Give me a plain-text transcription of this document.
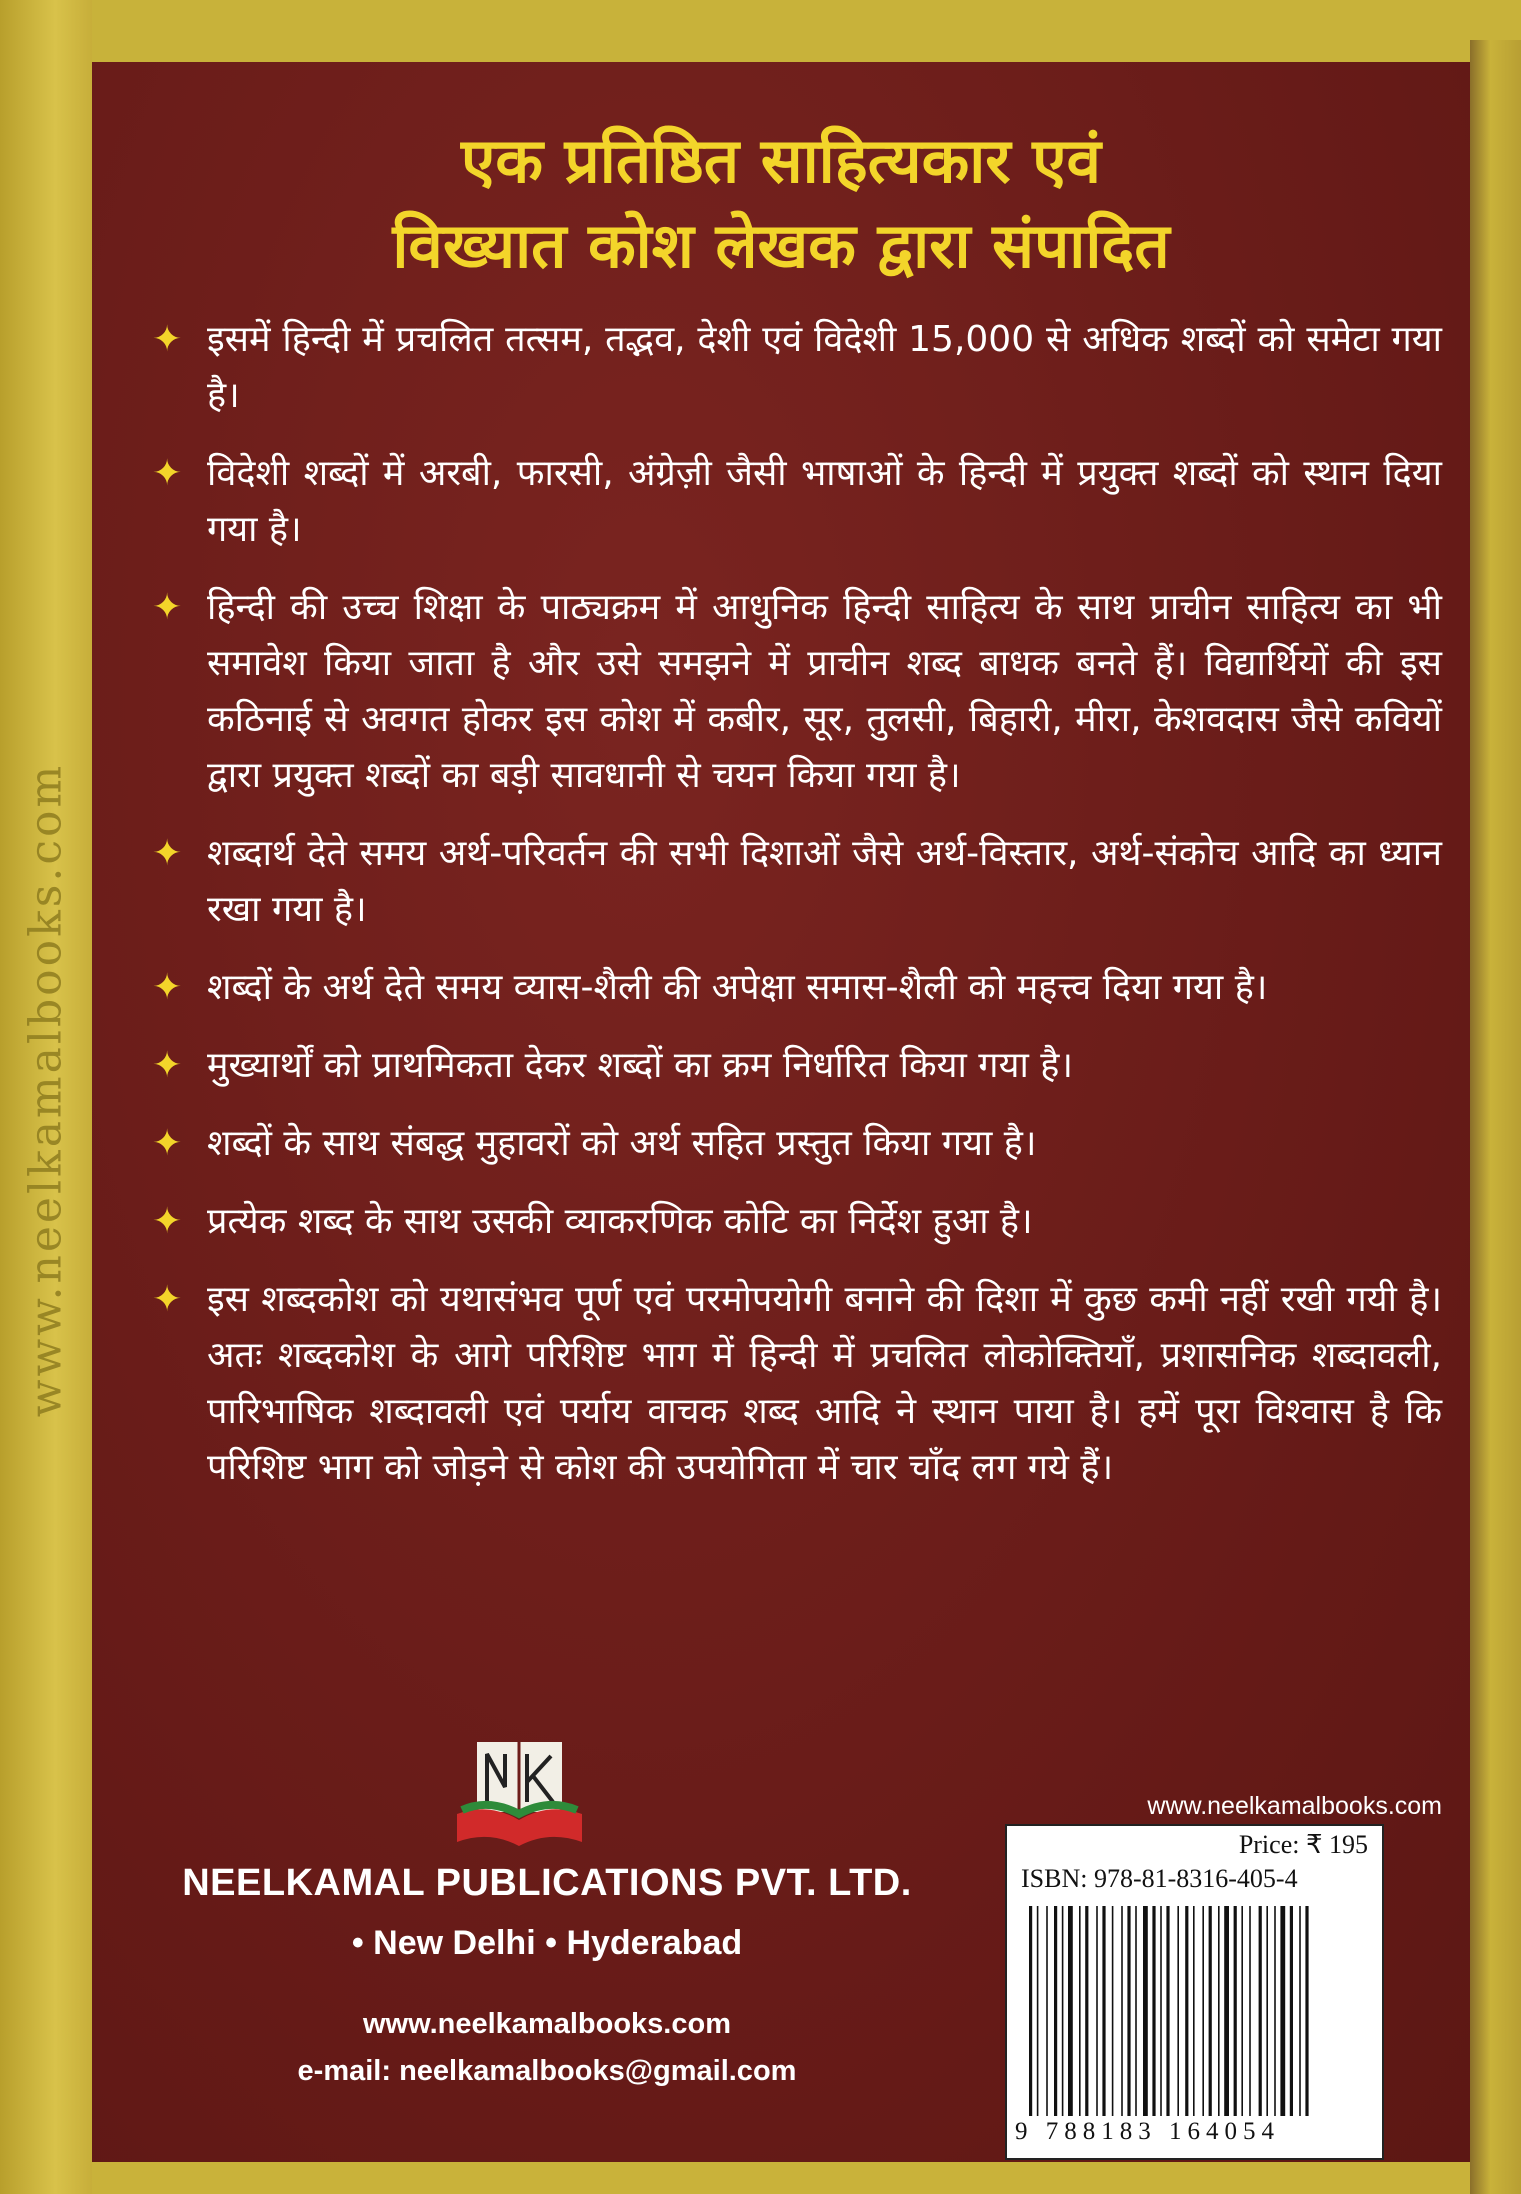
www.neelkamalbooks.com
एक प्रतिष्ठित साहित्यकार एवं
विख्यात कोश लेखक द्वारा संपादित
✦ इसमें हिन्दी में प्रचलित तत्सम, तद्भव, देशी एवं विदेशी 15,000 से अधिक शब्दों को समेटा गया है।
✦ विदेशी शब्दों में अरबी, फारसी, अंग्रेज़ी जैसी भाषाओं के हिन्दी में प्रयुक्त शब्दों को स्थान दिया गया है।
✦ हिन्दी की उच्च शिक्षा के पाठ्यक्रम में आधुनिक हिन्दी साहित्य के साथ प्राचीन साहित्य का भी समावेश किया जाता है और उसे समझने में प्राचीन शब्द बाधक बनते हैं। विद्यार्थियों की इस कठिनाई से अवगत होकर इस कोश में कबीर, सूर, तुलसी, बिहारी, मीरा, केशवदास जैसे कवियों द्वारा प्रयुक्त शब्दों का बड़ी सावधानी से चयन किया गया है।
✦ शब्दार्थ देते समय अर्थ-परिवर्तन की सभी दिशाओं जैसे अर्थ-विस्तार, अर्थ-संकोच आदि का ध्यान रखा गया है।
✦ शब्दों के अर्थ देते समय व्यास-शैली की अपेक्षा समास-शैली को महत्त्व दिया गया है।
✦ मुख्यार्थों को प्राथमिकता देकर शब्दों का क्रम निर्धारित किया गया है।
✦ शब्दों के साथ संबद्ध मुहावरों को अर्थ सहित प्रस्तुत किया गया है।
✦ प्रत्येक शब्द के साथ उसकी व्याकरणिक कोटि का निर्देश हुआ है।
✦ इस शब्दकोश को यथासंभव पूर्ण एवं परमोपयोगी बनाने की दिशा में कुछ कमी नहीं रखी गयी है। अतः शब्दकोश के आगे परिशिष्ट भाग में हिन्दी में प्रचलित लोकोक्तियाँ, प्रशासनिक शब्दावली, पारिभाषिक शब्दावली एवं पर्याय वाचक शब्द आदि ने स्थान पाया है। हमें पूरा विश्वास है कि परिशिष्ट भाग को जोड़ने से कोश की उपयोगिता में चार चाँद लग गये हैं।
NEELKAMAL PUBLICATIONS PVT. LTD.
• New Delhi • Hyderabad
www.neelkamalbooks.com
e-mail: neelkamalbooks@gmail.com
www.neelkamalbooks.com
Price: ₹ 195
ISBN: 978-81-8316-405-4
9 788183 164054
